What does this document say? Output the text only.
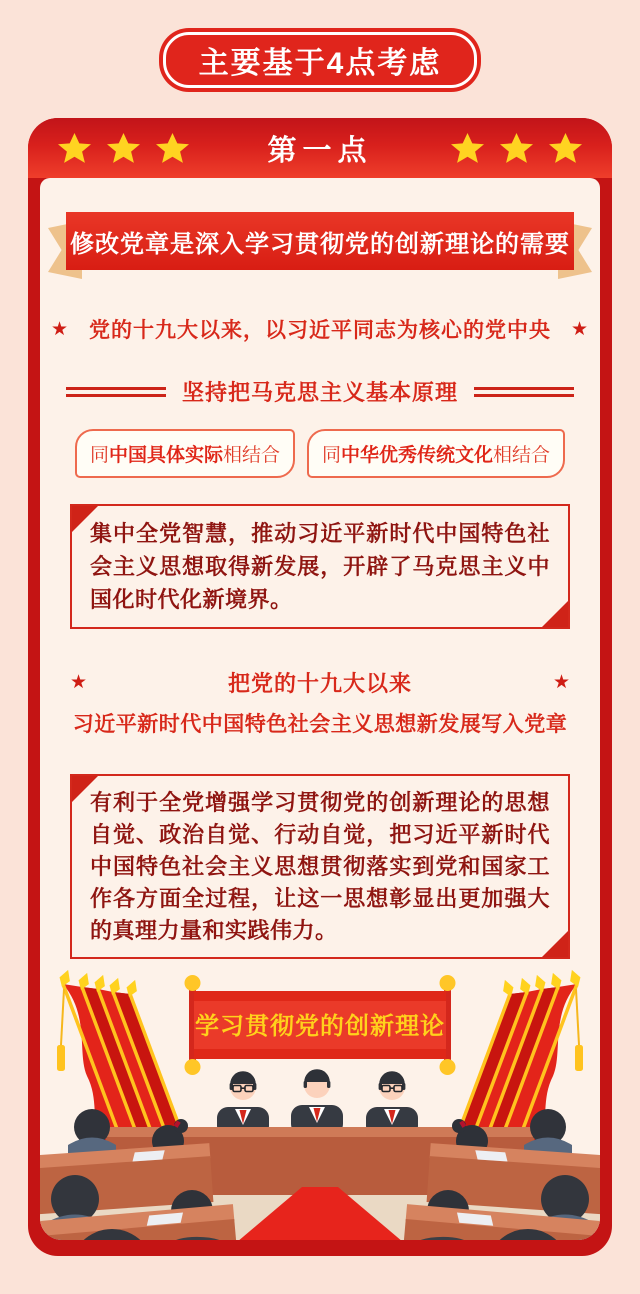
主要基于4点考虑
第一点
修改党章是深入学习贯彻党的创新理论的需要
★ 党的十九大以来，以习近平同志为核心的党中央 ★
坚持把马克思主义基本原理
同 中国具体实际 相结合 同 中华优秀传统文化 相结合
集中全党智慧，推动习近平新时代中国特色社会主义思想取得新发展，开辟了马克思主义中国化时代化新境界。
★	把党的十九大以来	★
习近平新时代中国特色社会主义思想新发展写入党章
有利于全党增强学习贯彻党的创新理论的思想自觉、政治自觉、行动自觉，把习近平新时代中国特色社会主义思想贯彻落实到党和国家工作各方面全过程，让这一思想彰显出更加强大的真理力量和实践伟力。
学习贯彻党的创新理论
